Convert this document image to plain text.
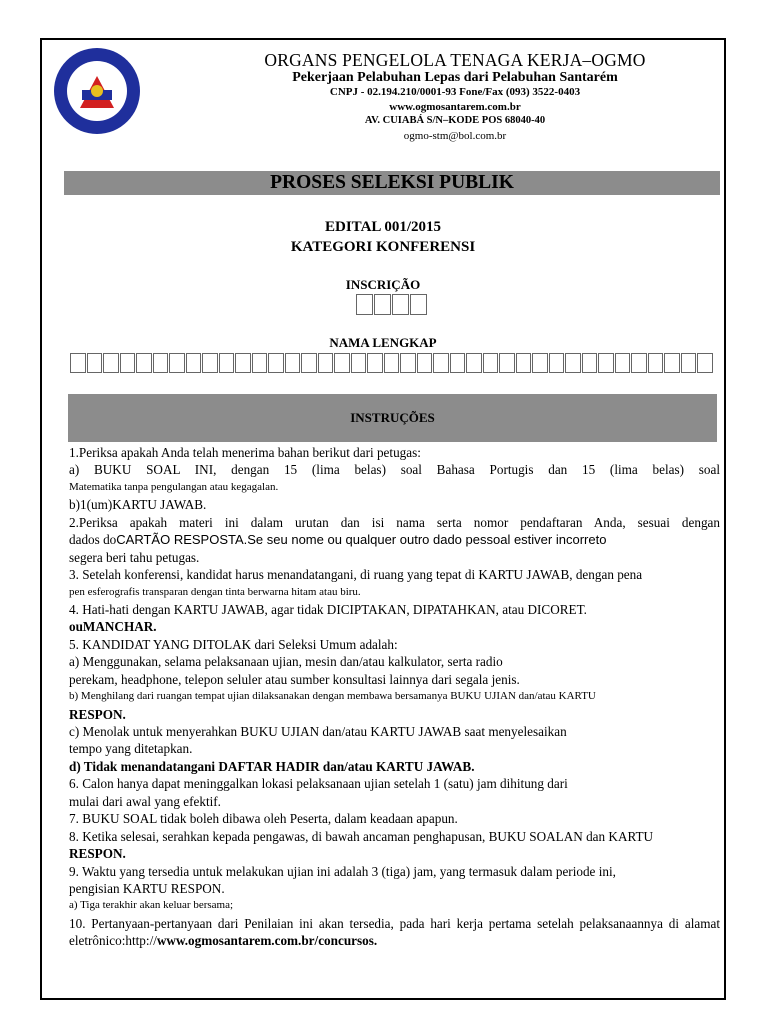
ORGANS PENGELOLA TENAGA KERJA–OGMO
Pekerjaan Pelabuhan Lepas dari Pelabuhan Santarém
CNPJ - 02.194.210/0001-93 Fone/Fax (093) 3522-0403
www.ogmosantarem.com.br
AV. CUIABÁ S/N–KODE POS 68040-40
ogmo-stm@bol.com.br
PROSES SELEKSI PUBLIK
EDITAL 001/2015
KATEGORI KONFERENSI
INSCRIÇÃO
NAMA LENGKAP
INSTRUÇÕES
1.Periksa apakah Anda telah menerima bahan berikut dari petugas:
a) BUKU SOAL INI, dengan 15 (lima belas) soal Bahasa Portugis dan 15 (lima belas) soal
Matematika tanpa pengulangan atau kegagalan.
b)1(um)KARTU JAWAB.
2.Periksa apakah materi ini dalam urutan dan isi nama serta nomor pendaftaran Anda, sesuai dengan
dados doCARTÃO RESPOSTA.Se seu nome ou qualquer outro dado pessoal estiver incorreto
segera beri tahu petugas.
3. Setelah konferensi, kandidat harus menandatangani, di ruang yang tepat di KARTU JAWAB, dengan pena
pen esferografis transparan dengan tinta berwarna hitam atau biru.
4. Hati-hati dengan KARTU JAWAB, agar tidak DICIPTAKAN, DIPATAHKAN, atau DICORET.
ouMANCHAR.
5. KANDIDAT YANG DITOLAK dari Seleksi Umum adalah:
a) Menggunakan, selama pelaksanaan ujian, mesin dan/atau kalkulator, serta radio
perekam, headphone, telepon seluler atau sumber konsultasi lainnya dari segala jenis.
b) Menghilang dari ruangan tempat ujian dilaksanakan dengan membawa bersamanya BUKU UJIAN dan/atau KARTU
RESPON.
c) Menolak untuk menyerahkan BUKU UJIAN dan/atau KARTU JAWAB saat menyelesaikan
tempo yang ditetapkan.
d) Tidak menandatangani DAFTAR HADIR dan/atau KARTU JAWAB.
6. Calon hanya dapat meninggalkan lokasi pelaksanaan ujian setelah 1 (satu) jam dihitung dari
mulai dari awal yang efektif.
7. BUKU SOAL tidak boleh dibawa oleh Peserta, dalam keadaan apapun.
8. Ketika selesai, serahkan kepada pengawas, di bawah ancaman penghapusan, BUKU SOALAN dan KARTU
RESPON.
9. Waktu yang tersedia untuk melakukan ujian ini adalah 3 (tiga) jam, yang termasuk dalam periode ini,
pengisian KARTU RESPON.
a) Tiga terakhir akan keluar bersama;
10. Pertanyaan-pertanyaan dari Penilaian ini akan tersedia, pada hari kerja pertama setelah pelaksanaannya di alamat
eletrônico:http://www.ogmosantarem.com.br/concursos.
